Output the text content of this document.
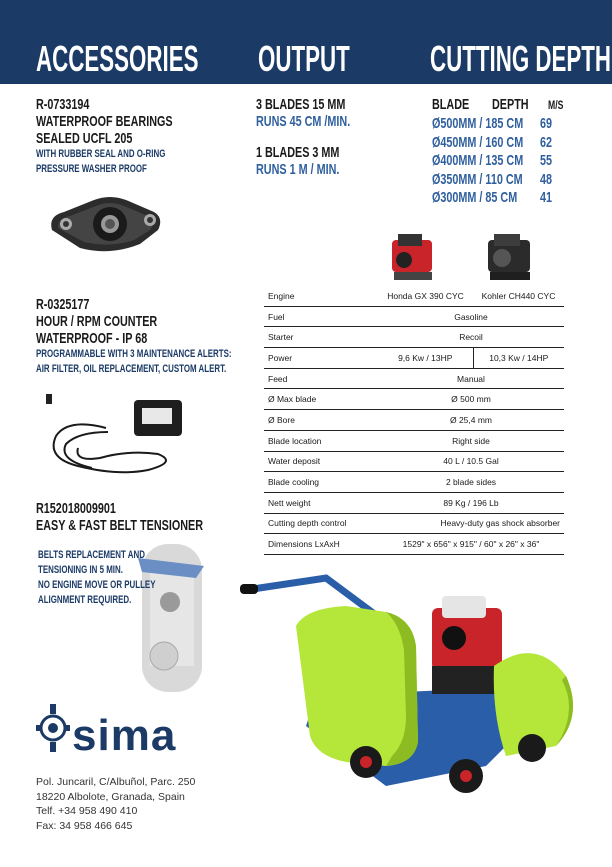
ACCESSORIES OUTPUT CUTTING DEPTH
R-0733194
WATERPROOF BEARINGS
SEALED UCFL 205
WITH RUBBER SEAL AND O-RING
PRESSURE WASHER PROOF
R-0325177
HOUR / RPM COUNTER
WATERPROOF - IP 68
PROGRAMMABLE WITH 3 MAINTENANCE ALERTS:
AIR FILTER, OIL REPLACEMENT, CUSTOM ALERT.
R152018009901
EASY & FAST BELT TENSIONER
BELTS REPLACEMENT AND
TENSIONING IN 5 MIN.
NO ENGINE MOVE OR PULLEY
ALIGNMENT REQUIRED.
3 BLADES 15 MM
RUNS 45 CM /MIN.
1 BLADES 3 MM
RUNS 1 M / MIN.
BLADE DEPTH M/S
Ø500MM / 185 CM 69
Ø450MM / 160 CM 62
Ø400MM / 135 CM 55
Ø350MM / 110 CM 48
Ø300MM / 85 CM 41
Engine	Honda GX 390 CYC	Kohler CH440 CYC
Fuel	Gasoline	
Starter	Recoil	
Power	9,6 Kw / 13HP	10,3 Kw / 14HP
Feed	Manual	
Ø Max blade	Ø 500 mm	
Ø Bore	Ø 25,4 mm	
Blade location	Right side	
Water deposit	40 L / 10.5 Gal	
Blade cooling	2 blade sides	
Nett weight	89 Kg / 196 Lb	
Cutting depth control	Heavy-duty gas shock absorber	
Dimensions LxAxH	1529" x 656" x 915" / 60" x 26" x 36"	
sima
Pol. Juncaril, C/Albuñol, Parc. 250
18220 Albolote, Granada, Spain
Telf. +34 958 490 410
Fax: 34 958 466 645
